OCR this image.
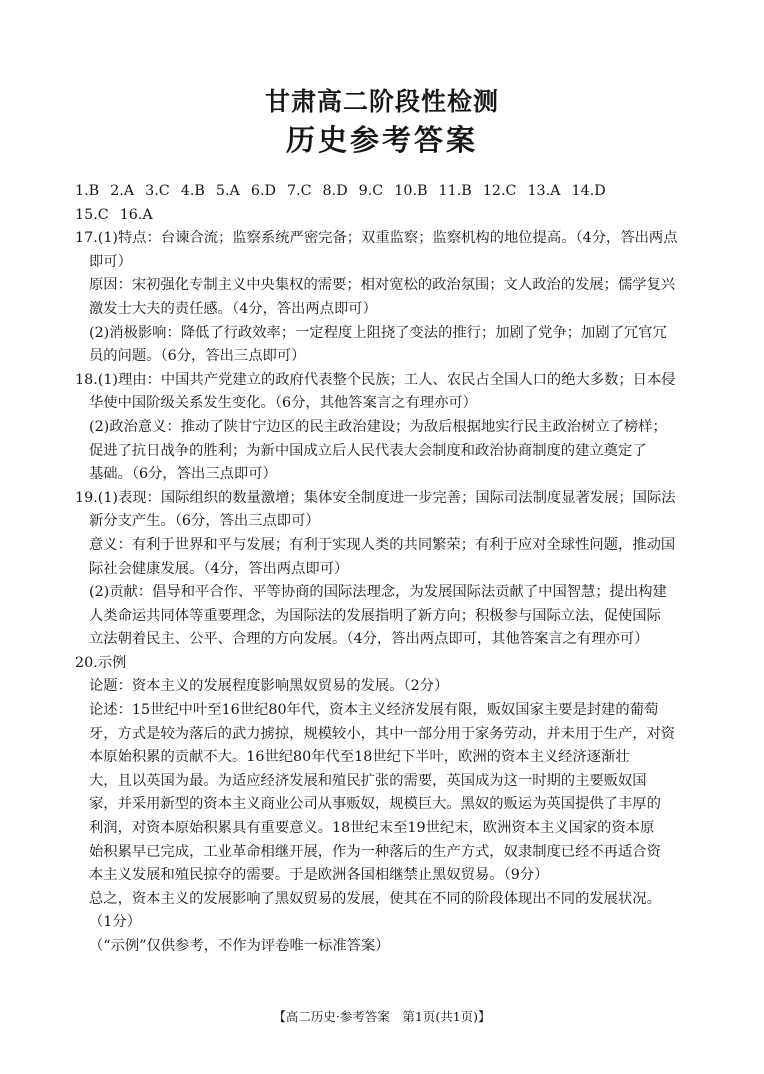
甘肃高二阶段性检测
历史参考答案
1.B 2.A 3.C 4.B 5.A 6.D 7.C 8.D 9.C 10.B 11.B 12.C 13.A 14.D
15.C 16.A
17.(1)特点：台谏合流；监察系统严密完备；双重监察；监察机构的地位提高。（4分，答出两点
即可）
原因：宋初强化专制主义中央集权的需要；相对宽松的政治氛围；文人政治的发展；儒学复兴
激发士大夫的责任感。（4分，答出两点即可）
(2)消极影响：降低了行政效率；一定程度上阻挠了变法的推行；加剧了党争；加剧了冗官冗
员的问题。（6分，答出三点即可）
18.(1)理由：中国共产党建立的政府代表整个民族；工人、农民占全国人口的绝大多数；日本侵
华使中国阶级关系发生变化。（6分，其他答案言之有理亦可）
(2)政治意义：推动了陕甘宁边区的民主政治建设；为敌后根据地实行民主政治树立了榜样；
促进了抗日战争的胜利；为新中国成立后人民代表大会制度和政治协商制度的建立奠定了
基础。（6分，答出三点即可）
19.(1)表现：国际组织的数量激增；集体安全制度进一步完善；国际司法制度显著发展；国际法
新分支产生。（6分，答出三点即可）
意义：有利于世界和平与发展；有利于实现人类的共同繁荣；有利于应对全球性问题，推动国
际社会健康发展。（4分，答出两点即可）
(2)贡献：倡导和平合作、平等协商的国际法理念，为发展国际法贡献了中国智慧；提出构建
人类命运共同体等重要理念，为国际法的发展指明了新方向；积极参与国际立法，促使国际
立法朝着民主、公平、合理的方向发展。（4分，答出两点即可，其他答案言之有理亦可）
20.示例
论题：资本主义的发展程度影响黑奴贸易的发展。（2分）
论述：15世纪中叶至16世纪80年代，资本主义经济发展有限，贩奴国家主要是封建的葡萄
牙，方式是较为落后的武力掳掠，规模较小，其中一部分用于家务劳动，并未用于生产，对资
本原始积累的贡献不大。16世纪80年代至18世纪下半叶，欧洲的资本主义经济逐渐壮
大，且以英国为最。为适应经济发展和殖民扩张的需要，英国成为这一时期的主要贩奴国
家，并采用新型的资本主义商业公司从事贩奴，规模巨大。黑奴的贩运为英国提供了丰厚的
利润，对资本原始积累具有重要意义。18世纪末至19世纪末，欧洲资本主义国家的资本原
始积累早已完成，工业革命相继开展，作为一种落后的生产方式，奴隶制度已经不再适合资
本主义发展和殖民掠夺的需要。于是欧洲各国相继禁止黑奴贸易。（9分）
总之，资本主义的发展影响了黑奴贸易的发展，使其在不同的阶段体现出不同的发展状况。
（1分）
（“示例”仅供参考，不作为评卷唯一标准答案）
【高二历史·参考答案　第1页(共1页)】
